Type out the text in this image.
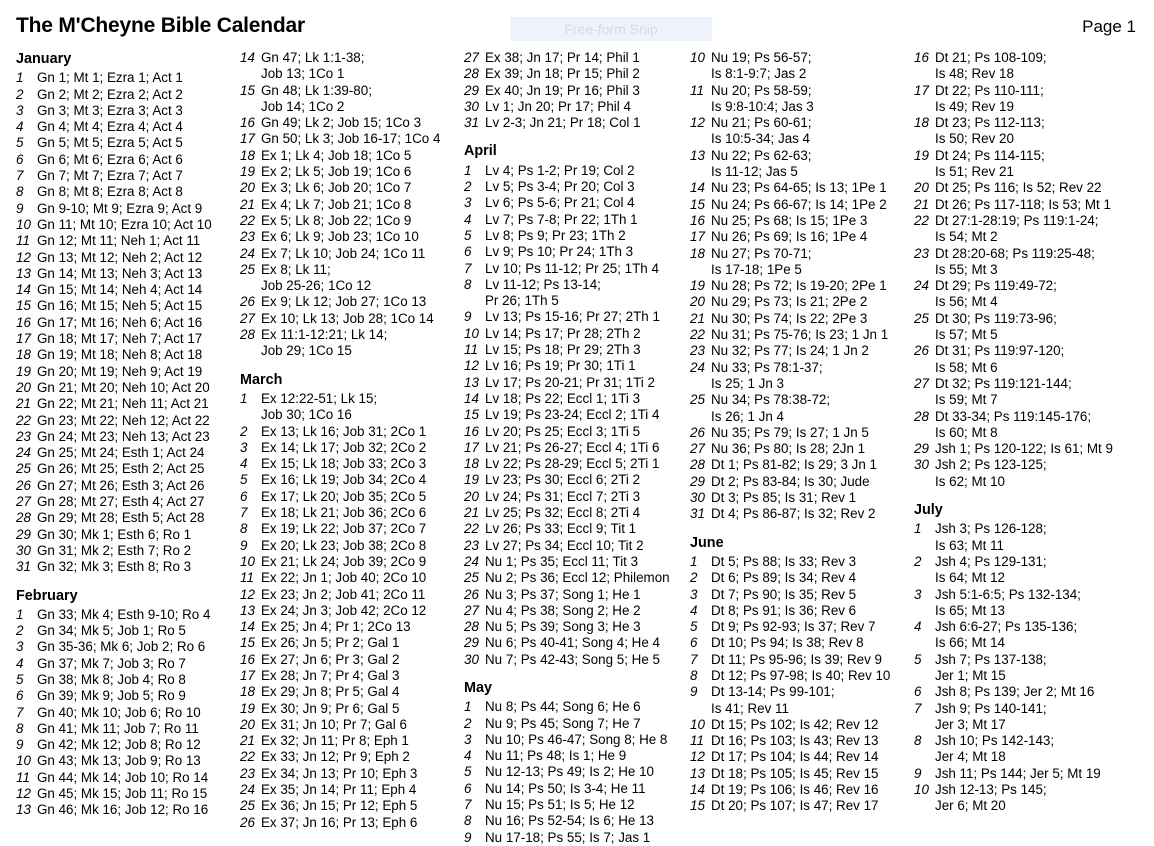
The M'Cheyne Bible Calendar	Free-form Snip	Page 1
January
1	Gn 1; Mt 1; Ezra 1; Act 1
2	Gn 2; Mt 2; Ezra 2; Act 2
3	Gn 3; Mt 3; Ezra 3; Act 3
4	Gn 4; Mt 4; Ezra 4; Act 4
5	Gn 5; Mt 5; Ezra 5; Act 5
6	Gn 6; Mt 6; Ezra 6; Act 6
7	Gn 7; Mt 7; Ezra 7; Act 7
8	Gn 8; Mt 8; Ezra 8; Act 8
9	Gn 9-10; Mt 9; Ezra 9; Act 9
10 Gn 11; Mt 10; Ezra 10; Act 10
11 Gn 12; Mt 11; Neh 1; Act 11
12 Gn 13; Mt 12; Neh 2; Act 12
13 Gn 14; Mt 13; Neh 3; Act 13
14 Gn 15; Mt 14; Neh 4; Act 14
15 Gn 16; Mt 15; Neh 5; Act 15
16 Gn 17; Mt 16; Neh 6; Act 16
17 Gn 18; Mt 17; Neh 7; Act 17
18 Gn 19; Mt 18; Neh 8; Act 18
19 Gn 20; Mt 19; Neh 9; Act 19
20 Gn 21; Mt 20; Neh 10; Act 20
21 Gn 22; Mt 21; Neh 11; Act 21
22 Gn 23; Mt 22; Neh 12; Act 22
23 Gn 24; Mt 23; Neh 13; Act 23
24 Gn 25; Mt 24; Esth 1; Act 24
25 Gn 26; Mt 25; Esth 2; Act 25
26 Gn 27; Mt 26; Esth 3; Act 26
27 Gn 28; Mt 27; Esth 4; Act 27
28 Gn 29; Mt 28; Esth 5; Act 28
29 Gn 30; Mk 1; Esth 6; Ro 1
30 Gn 31; Mk 2; Esth 7; Ro 2
31 Gn 32; Mk 3; Esth 8; Ro 3
February
1	Gn 33; Mk 4; Esth 9-10; Ro 4
2	Gn 34; Mk 5; Job 1; Ro 5
3	Gn 35-36; Mk 6; Job 2; Ro 6
4	Gn 37; Mk 7; Job 3; Ro 7
5	Gn 38; Mk 8; Job 4; Ro 8
6	Gn 39; Mk 9; Job 5; Ro 9
7	Gn 40; Mk 10; Job 6; Ro 10
8	Gn 41; Mk 11; Job 7; Ro 11
9	Gn 42; Mk 12; Job 8; Ro 12
10 Gn 43; Mk 13; Job 9; Ro 13
11 Gn 44; Mk 14; Job 10; Ro 14
12 Gn 45; Mk 15; Job 11; Ro 15
13 Gn 46; Mk 16; Job 12; Ro 16
14 Gn 47; Lk 1:1-38;
Job 13; 1Co 1
15 Gn 48; Lk 1:39-80;
Job 14; 1Co 2
16 Gn 49; Lk 2; Job 15; 1Co 3
17 Gn 50; Lk 3; Job 16-17; 1Co 4
18 Ex 1; Lk 4; Job 18; 1Co 5
19 Ex 2; Lk 5; Job 19; 1Co 6
20 Ex 3; Lk 6; Job 20; 1Co 7
21 Ex 4; Lk 7; Job 21; 1Co 8
22 Ex 5; Lk 8; Job 22; 1Co 9
23 Ex 6; Lk 9; Job 23; 1Co 10
24 Ex 7; Lk 10; Job 24; 1Co 11
25 Ex 8; Lk 11;
Job 25-26; 1Co 12
26 Ex 9; Lk 12; Job 27; 1Co 13
27 Ex 10; Lk 13; Job 28; 1Co 14
28 Ex 11:1-12:21; Lk 14;
Job 29; 1Co 15
March
1	Ex 12:22-51; Lk 15;
Job 30; 1Co 16
2	Ex 13; Lk 16; Job 31; 2Co 1
3	Ex 14; Lk 17; Job 32; 2Co 2
4	Ex 15; Lk 18; Job 33; 2Co 3
5	Ex 16; Lk 19; Job 34; 2Co 4
6	Ex 17; Lk 20; Job 35; 2Co 5
7	Ex 18; Lk 21; Job 36; 2Co 6
8	Ex 19; Lk 22; Job 37; 2Co 7
9	Ex 20; Lk 23; Job 38; 2Co 8
10 Ex 21; Lk 24; Job 39; 2Co 9
11 Ex 22; Jn 1; Job 40; 2Co 10
12 Ex 23; Jn 2; Job 41; 2Co 11
13 Ex 24; Jn 3; Job 42; 2Co 12
14 Ex 25; Jn 4; Pr 1; 2Co 13
15 Ex 26; Jn 5; Pr 2; Gal 1
16 Ex 27; Jn 6; Pr 3; Gal 2
17 Ex 28; Jn 7; Pr 4; Gal 3
18 Ex 29; Jn 8; Pr 5; Gal 4
19 Ex 30; Jn 9; Pr 6; Gal 5
20 Ex 31; Jn 10; Pr 7; Gal 6
21 Ex 32; Jn 11; Pr 8; Eph 1
22 Ex 33; Jn 12; Pr 9; Eph 2
23 Ex 34; Jn 13; Pr 10; Eph 3
24 Ex 35; Jn 14; Pr 11; Eph 4
25 Ex 36; Jn 15; Pr 12; Eph 5
26 Ex 37; Jn 16; Pr 13; Eph 6
27 Ex 38; Jn 17; Pr 14; Phil 1
28 Ex 39; Jn 18; Pr 15; Phil 2
29 Ex 40; Jn 19; Pr 16; Phil 3
30 Lv 1; Jn 20; Pr 17; Phil 4
31 Lv 2-3; Jn 21; Pr 18; Col 1
April
1	Lv 4; Ps 1-2; Pr 19; Col 2
2	Lv 5; Ps 3-4; Pr 20; Col 3
3	Lv 6; Ps 5-6; Pr 21; Col 4
4	Lv 7; Ps 7-8; Pr 22; 1Th 1
5	Lv 8; Ps 9; Pr 23; 1Th 2
6	Lv 9; Ps 10; Pr 24; 1Th 3
7	Lv 10; Ps 11-12; Pr 25; 1Th 4
8	Lv 11-12; Ps 13-14;
Pr 26; 1Th 5
9	Lv 13; Ps 15-16; Pr 27; 2Th 1
10 Lv 14; Ps 17; Pr 28; 2Th 2
11 Lv 15; Ps 18; Pr 29; 2Th 3
12 Lv 16; Ps 19; Pr 30; 1Ti 1
13 Lv 17; Ps 20-21; Pr 31; 1Ti 2
14 Lv 18; Ps 22; Eccl 1; 1Ti 3
15 Lv 19; Ps 23-24; Eccl 2; 1Ti 4
16 Lv 20; Ps 25; Eccl 3; 1Ti 5
17 Lv 21; Ps 26-27; Eccl 4; 1Ti 6
18 Lv 22; Ps 28-29; Eccl 5; 2Ti 1
19 Lv 23; Ps 30; Eccl 6; 2Ti 2
20 Lv 24; Ps 31; Eccl 7; 2Ti 3
21 Lv 25; Ps 32; Eccl 8; 2Ti 4
22 Lv 26; Ps 33; Eccl 9; Tit 1
23 Lv 27; Ps 34; Eccl 10; Tit 2
24 Nu 1; Ps 35; Eccl 11; Tit 3
25 Nu 2; Ps 36; Eccl 12; Philemon
26 Nu 3; Ps 37; Song 1; He 1
27 Nu 4; Ps 38; Song 2; He 2
28 Nu 5; Ps 39; Song 3; He 3
29 Nu 6; Ps 40-41; Song 4; He 4
30 Nu 7; Ps 42-43; Song 5; He 5
May
1	Nu 8; Ps 44; Song 6; He 6
2	Nu 9; Ps 45; Song 7; He 7
3	Nu 10; Ps 46-47; Song 8; He 8
4	Nu 11; Ps 48; Is 1; He 9
5	Nu 12-13; Ps 49; Is 2; He 10
6	Nu 14; Ps 50; Is 3-4; He 11
7	Nu 15; Ps 51; Is 5; He 12
8	Nu 16; Ps 52-54; Is 6; He 13
9	Nu 17-18; Ps 55; Is 7; Jas 1
10 Nu 19; Ps 56-57;
Is 8:1-9:7; Jas 2
11 Nu 20; Ps 58-59;
Is 9:8-10:4; Jas 3
12 Nu 21; Ps 60-61;
Is 10:5-34; Jas 4
13 Nu 22; Ps 62-63;
Is 11-12; Jas 5
14 Nu 23; Ps 64-65; Is 13; 1Pe 1
15 Nu 24; Ps 66-67; Is 14; 1Pe 2
16 Nu 25; Ps 68; Is 15; 1Pe 3
17 Nu 26; Ps 69; Is 16; 1Pe 4
18 Nu 27; Ps 70-71;
Is 17-18; 1Pe 5
19 Nu 28; Ps 72; Is 19-20; 2Pe 1
20 Nu 29; Ps 73; Is 21; 2Pe 2
21 Nu 30; Ps 74; Is 22; 2Pe 3
22 Nu 31; Ps 75-76; Is 23; 1 Jn 1
23 Nu 32; Ps 77; Is 24; 1 Jn 2
24 Nu 33; Ps 78:1-37;
Is 25; 1 Jn 3
25 Nu 34; Ps 78:38-72;
Is 26; 1 Jn 4
26 Nu 35; Ps 79; Is 27; 1 Jn 5
27 Nu 36; Ps 80; Is 28; 2Jn 1
28 Dt 1; Ps 81-82; Is 29; 3 Jn 1
29 Dt 2; Ps 83-84; Is 30; Jude
30 Dt 3; Ps 85; Is 31; Rev 1
31 Dt 4; Ps 86-87; Is 32; Rev 2
June
1	Dt 5; Ps 88; Is 33; Rev 3
2	Dt 6; Ps 89; Is 34; Rev 4
3	Dt 7; Ps 90; Is 35; Rev 5
4	Dt 8; Ps 91; Is 36; Rev 6
5	Dt 9; Ps 92-93; Is 37; Rev 7
6	Dt 10; Ps 94; Is 38; Rev 8
7	Dt 11; Ps 95-96; Is 39; Rev 9
8	Dt 12; Ps 97-98; Is 40; Rev 10
9	Dt 13-14; Ps 99-101;
Is 41; Rev 11
10 Dt 15; Ps 102; Is 42; Rev 12
11 Dt 16; Ps 103; Is 43; Rev 13
12 Dt 17; Ps 104; Is 44; Rev 14
13 Dt 18; Ps 105; Is 45; Rev 15
14 Dt 19; Ps 106; Is 46; Rev 16
15 Dt 20; Ps 107; Is 47; Rev 17
16 Dt 21; Ps 108-109;
Is 48; Rev 18
17 Dt 22; Ps 110-111;
Is 49; Rev 19
18 Dt 23; Ps 112-113;
Is 50; Rev 20
19 Dt 24; Ps 114-115;
Is 51; Rev 21
20 Dt 25; Ps 116; Is 52; Rev 22
21 Dt 26; Ps 117-118; Is 53; Mt 1
22 Dt 27:1-28:19; Ps 119:1-24;
Is 54; Mt 2
23 Dt 28:20-68; Ps 119:25-48;
Is 55; Mt 3
24 Dt 29; Ps 119:49-72;
Is 56; Mt 4
25 Dt 30; Ps 119:73-96;
Is 57; Mt 5
26 Dt 31; Ps 119:97-120;
Is 58; Mt 6
27 Dt 32; Ps 119:121-144;
Is 59; Mt 7
28 Dt 33-34; Ps 119:145-176;
Is 60; Mt 8
29 Jsh 1; Ps 120-122; Is 61; Mt 9
30 Jsh 2; Ps 123-125;
Is 62; Mt 10
July
1	Jsh 3; Ps 126-128;
Is 63; Mt 11
2	Jsh 4; Ps 129-131;
Is 64; Mt 12
3	Jsh 5:1-6:5; Ps 132-134;
Is 65; Mt 13
4	Jsh 6:6-27; Ps 135-136;
Is 66; Mt 14
5	Jsh 7; Ps 137-138;
Jer 1; Mt 15
6	Jsh 8; Ps 139; Jer 2; Mt 16
7	Jsh 9; Ps 140-141;
Jer 3; Mt 17
8	Jsh 10; Ps 142-143;
Jer 4; Mt 18
9	Jsh 11; Ps 144; Jer 5; Mt 19
10 Jsh 12-13; Ps 145;
Jer 6; Mt 20
